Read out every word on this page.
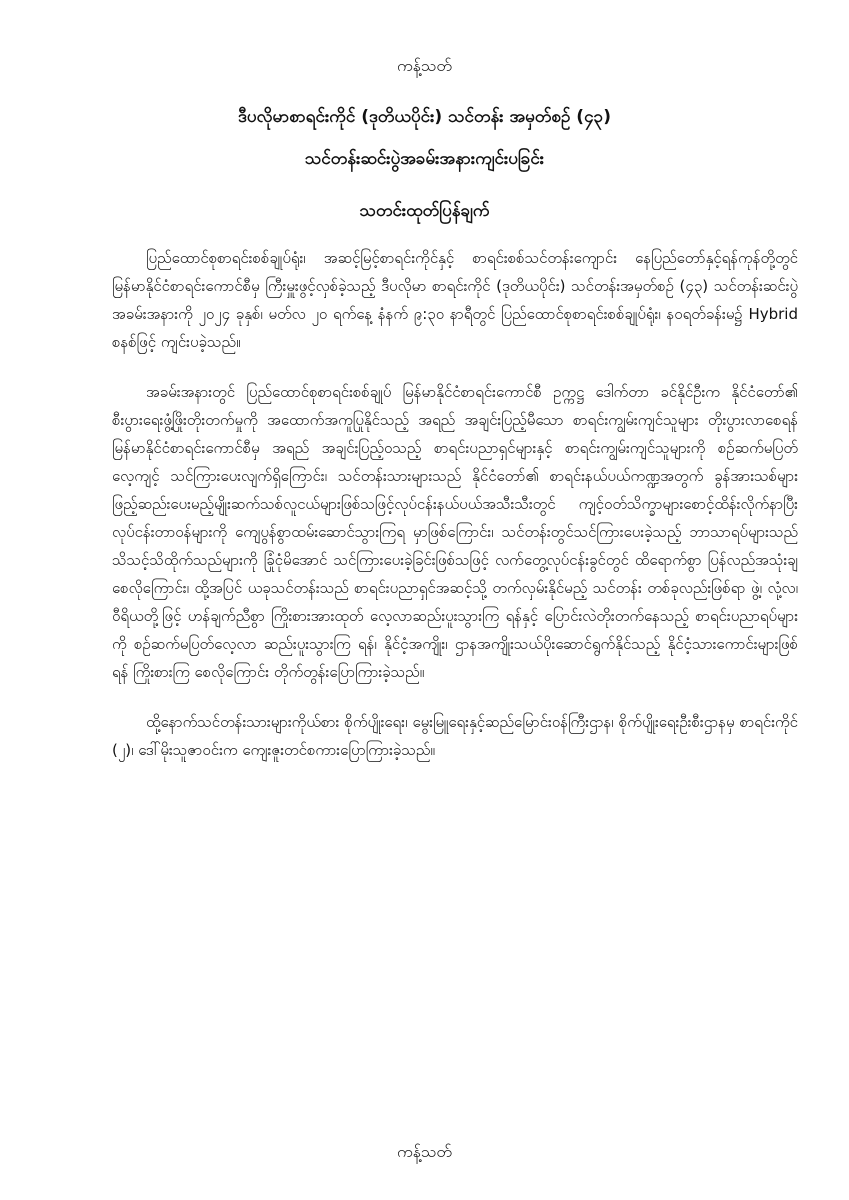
ကန့်သတ်
ဒီပလိုမာစာရင်းကိုင် (ဒုတိယပိုင်း) သင်တန်း အမှတ်စဉ် (၄၃)
သင်တန်းဆင်းပွဲအခမ်းအနားကျင်းပခြင်း
သတင်းထုတ်ပြန်ချက်

ပြည်ထောင်စုစာရင်းစစ်ချုပ်ရုံး၊ အဆင့်မြင့်စာရင်းကိုင်နှင့် စာရင်းစစ်သင်တန်းကျောင်း နေပြည်တော်နှင့်ရန်ကုန်တို့တွင် မြန်မာနိုင်ငံစာရင်းကောင်စီမှ ကြီးမှူးဖွင့်လှစ်ခဲ့သည့် ဒီပလိုမာ စာရင်းကိုင် (ဒုတိယပိုင်း) သင်တန်းအမှတ်စဉ် (၄၃) သင်တန်းဆင်းပွဲအခမ်းအနားကို ၂၀၂၄ ခုနှစ်၊ မတ်လ ၂၀ ရက်နေ့ နံနက် ၉:၃၀ နာရီတွင် ပြည်ထောင်စုစာရင်းစစ်ချုပ်ရုံး၊ နဝရတ်ခန်းမ၌ Hybrid စနစ်ဖြင့် ကျင်းပခဲ့သည်။

အခမ်းအနားတွင် ပြည်ထောင်စုစာရင်းစစ်ချုပ် မြန်မာနိုင်ငံစာရင်းကောင်စီ ဥက္ကဋ္ဌ ဒေါက်တာ ခင်နိုင်ဦးက နိုင်ငံတော်၏ စီးပွားရေးဖွံ့ဖြိုးတိုးတက်မှုကို အထောက်အကူပြုနိုင်သည့် အရည် အချင်းပြည့်မီသော စာရင်းကျွမ်းကျင်သူများ တိုးပွားလာစေရန် မြန်မာနိုင်ငံစာရင်းကောင်စီမှ အရည် အချင်းပြည့်ဝသည့် စာရင်းပညာရှင်များနှင့် စာရင်းကျွမ်းကျင်သူများကို စဉ်ဆက်မပြတ် လေ့ကျင့် သင်ကြားပေးလျက်ရှိကြောင်း၊ သင်တန်းသားများသည် နိုင်ငံတော်၏ စာရင်းနယ်ပယ်ကဏ္ဍအတွက် ခွန်အားသစ်များ ဖြည့်ဆည်းပေးမည့်မျိုးဆက်သစ်လူငယ်များဖြစ်သဖြင့်လုပ်ငန်းနယ်ပယ်အသီးသီးတွင် ကျင့်ဝတ်သိက္ခာများစောင့်ထိန်းလိုက်နာပြီး လုပ်ငန်းတာဝန်များကို ကျေပွန်စွာထမ်းဆောင်သွားကြရ မှာဖြစ်ကြောင်း၊ သင်တန်းတွင်သင်ကြားပေးခဲ့သည့် ဘာသာရပ်များသည် သိသင့်သိထိုက်သည်များကို ခြုံငုံမိအောင် သင်ကြားပေးခဲ့ခြင်းဖြစ်သဖြင့် လက်တွေ့လုပ်ငန်းခွင်တွင် ထိရောက်စွာ ပြန်လည်အသုံးချ စေလိုကြောင်း၊ ထို့အပြင် ယခုသင်တန်းသည် စာရင်းပညာရှင်အဆင့်သို့ တက်လှမ်းနိုင်မည့် သင်တန်း တစ်ခုလည်းဖြစ်ရာ ဖွဲ့၊ လုံ့လ၊ ဝီရိယတို့ဖြင့် ဟန်ချက်ညီစွာ ကြိုးစားအားထုတ် လေ့လာဆည်းပူးသွားကြ ရန်နှင့် ပြောင်းလဲတိုးတက်နေသည့် စာရင်းပညာရပ်များကို စဉ်ဆက်မပြတ်လေ့လာ ဆည်းပူးသွားကြ ရန်၊ နိုင်ငံ့အကျိုး၊ ဌာနအကျိုးသယ်ပိုးဆောင်ရွက်နိုင်သည့် နိုင်ငံ့သားကောင်းများဖြစ်ရန် ကြိုးစားကြ စေလိုကြောင်း တိုက်တွန်းပြောကြားခဲ့သည်။

ထို့နောက်သင်တန်းသားများကိုယ်စား စိုက်ပျိုးရေး၊ မွေးမြူရေးနှင့်ဆည်မြောင်းဝန်ကြီးဌာန၊ စိုက်ပျိုးရေးဦးစီးဌာနမှ စာရင်းကိုင် (၂)၊ ဒေါ်မိုးသူဇာဝင်းက ကျေးဇူးတင်စကားပြောကြားခဲ့သည်။

ကန့်သတ်
